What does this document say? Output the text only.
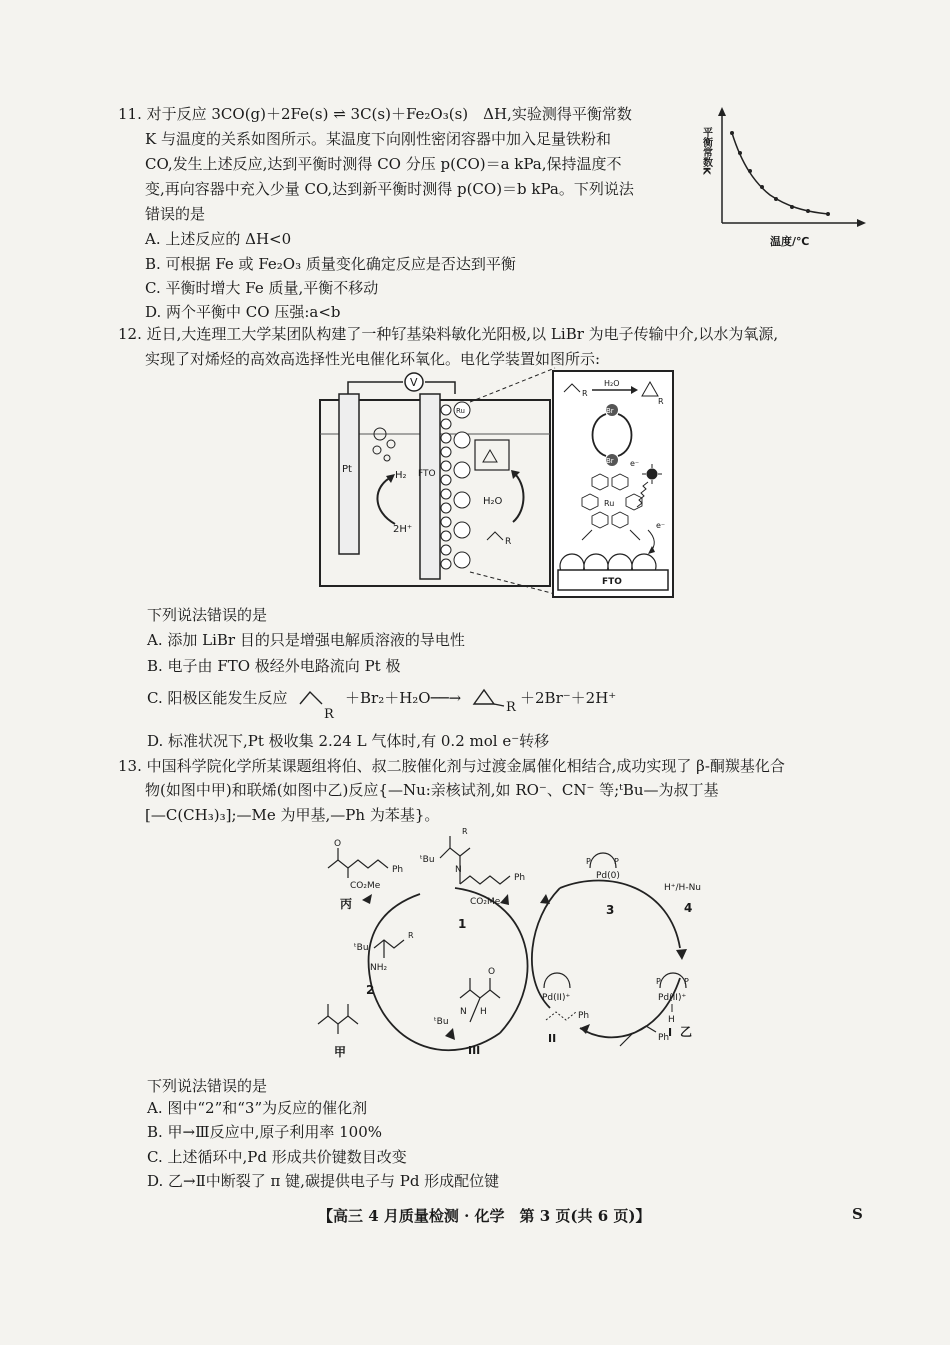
11. 对于反应 3CO(g)＋2Fe(s) ⇌ 3C(s)＋Fe₂O₃(s)　ΔH,实验测得平衡常数
K 与温度的关系如图所示。某温度下向刚性密闭容器中加入足量铁粉和
CO,发生上述反应,达到平衡时测得 CO 分压 p(CO)＝a kPa,保持温度不
变,再向容器中充入少量 CO,达到新平衡时测得 p(CO)＝b kPa。下列说法
错误的是
A. 上述反应的 ΔH<0
B. 可根据 Fe 或 Fe₂O₃ 质量变化确定反应是否达到平衡
C. 平衡时增大 Fe 质量,平衡不移动
D. 两个平衡中 CO 压强:a<b
平衡常数K
温度/℃
12. 近日,大连理工大学某团队构建了一种钌基染料敏化光阳极,以 LiBr 为电子传输中介,以水为氧源,
实现了对烯烃的高效高选择性光电催化环氧化。电化学装置如图所示:
V
Pt	FTO
H₂
2H⁺
Ru
H₂O
R
R
H₂O
R
Br
Br e⁻
Ru
e⁻
FTO
下列说法错误的是
A. 添加 LiBr 目的只是增强电解质溶液的导电性
B. 电子由 FTO 极经外电路流向 Pt 极
C. 阳极区能发生反应
R
＋Br₂＋H₂O──→
R
＋2Br⁻＋2H⁺
D. 标准状况下,Pt 极收集 2.24 L 气体时,有 0.2 mol e⁻转移
13. 中国科学院化学所某课题组将伯、叔二胺催化剂与过渡金属催化相结合,成功实现了 β-酮羰基化合
物(如图中甲)和联烯(如图中乙)反应{—Nu:亲核试剂,如 RO⁻、CN⁻ 等;ᵗBu—为叔丁基
[—C(CH₃)₃];—Me 为甲基,—Ph 为苯基}。
O
CO₂Me
Ph
丙
ᵗBu
N
CO₂Me
Ph
R
1
ᵗBu
NH₂
R
2
甲
ᵗBu
N H
O
III
P	P
Pd(0)
3
H⁺/H-Nu
4
P	P
Pd(II)⁺
H
I
Pd(II)⁺
Ph
II	Ph 乙
下列说法错误的是
A. 图中“2”和“3”为反应的催化剂
B. 甲→Ⅲ反应中,原子利用率 100%
C. 上述循环中,Pd 形成共价键数目改变
D. 乙→Ⅱ中断裂了 π 键,碳提供电子与 Pd 形成配位键
【高三 4 月质量检测 · 化学　第 3 页(共 6 页)】	S
